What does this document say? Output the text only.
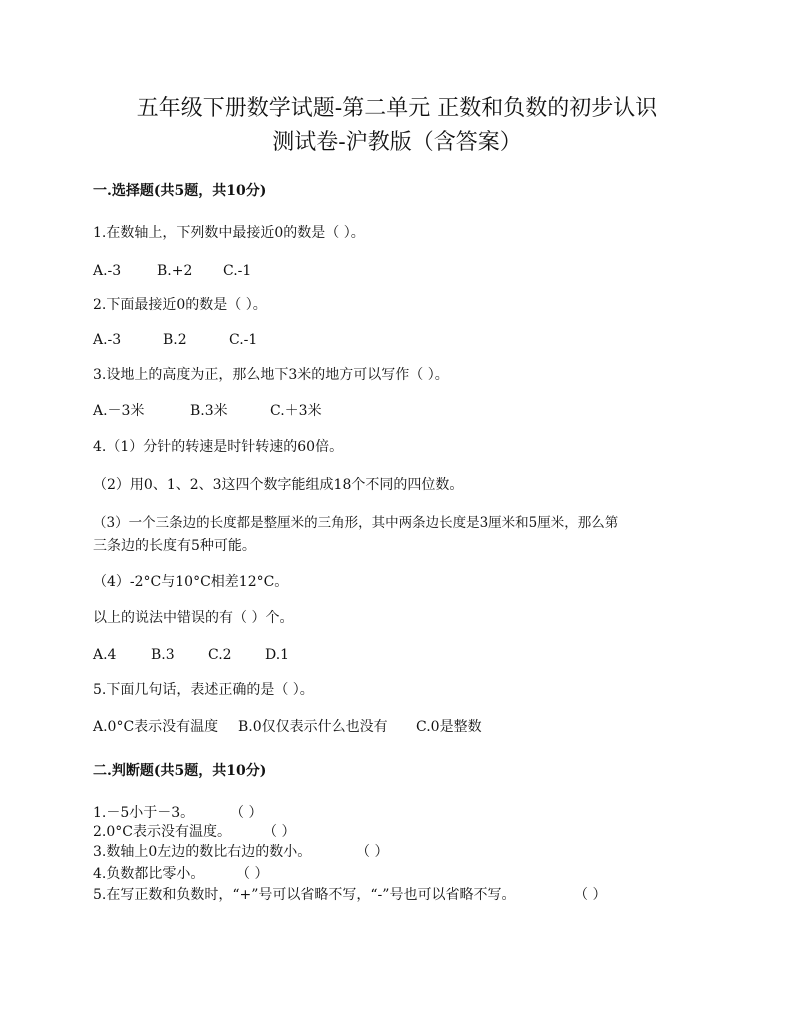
五年级下册数学试题-第二单元 正数和负数的初步认识
测试卷-沪教版（含答案）
一.选择题(共5题，共10分)
1.在数轴上，下列数中最接近0的数是（ ）。
A.-3	B.+2 C.-1
2.下面最接近0的数是（ ）。
A.-3	B.2	C.-1
3.设地上的高度为正，那么地下3米的地方可以写作（ ）。
A.－3米	B.3米	C.＋3米
4.（1）分针的转速是时针转速的60倍。
（2）用0、1、2、3这四个数字能组成18个不同的四位数。
（3）一个三条边的长度都是整厘米的三角形，其中两条边长度是3厘米和5厘米，那么第
三条边的长度有5种可能。
（4）-2°C与10°C相差12°C。
以上的说法中错误的有（ ）个。
A.4 B.3 C.2 D.1
5.下面几句话，表述正确的是（ ）。
A.0°C表示没有温度 B.0仅仅表示什么也没有 C.0是整数
二.判断题(共5题，共10分)
1.－5小于－3。	（ ）
2.0°C表示没有温度。 （ ）
3.数轴上0左边的数比右边的数小。	（ ）
4.负数都比零小。 （ ）
5.在写正数和负数时，“+”号可以省略不写，“-”号也可以省略不写。	（ ）
